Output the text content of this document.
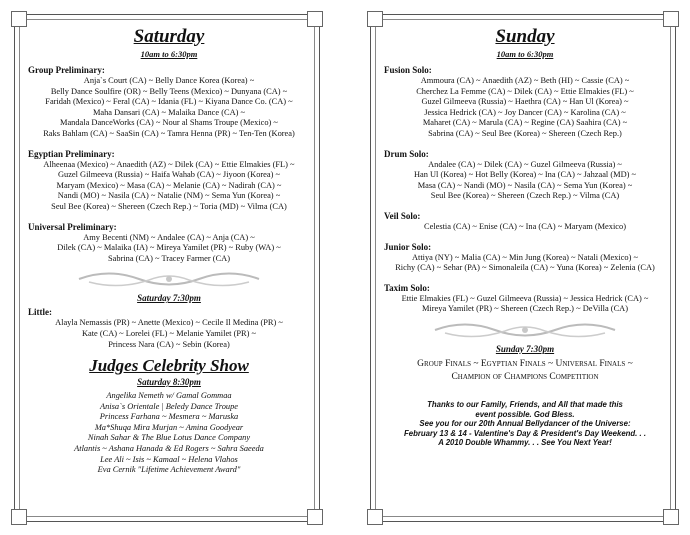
Saturday
10am to 6:30pm
Group Preliminary:
Anja`s Court (CA) ~ Belly Dance Korea (Korea) ~
Belly Dance Soulfire (OR) ~ Belly Teens (Mexico) ~ Dunyana (CA) ~
Faridah (Mexico) ~ Feral (CA) ~ Idania (FL) ~ Kiyana Dance Co. (CA) ~
Maha Dansari (CA) ~ Malaika Dance (CA) ~
Mandala DanceWorks (CA) ~ Nour al Shams Troupe (Mexico) ~
Raks Bahlam (CA) ~ SaaSin (CA) ~ Tamra Henna (PR) ~ Ten-Ten (Korea)
Egyptian Preliminary:
Alheenaa (Mexico) ~ Anaedith (AZ) ~ Dilek (CA) ~ Ettie Elmakies (FL) ~
Guzel Gilmeeva (Russia) ~ Haifa Wahab (CA) ~ Jiyoon (Korea) ~
Maryam (Mexico) ~ Masa (CA) ~ Melanie (CA) ~ Nadirah (CA) ~
Nandi (MO) ~ Nasila (CA) ~ Natalie (NM) ~ Sema Yun (Korea) ~
Seul Bee (Korea) ~ Shereen (Czech Rep.) ~ Toria (MD) ~ Vilma (CA)
Universal Preliminary:
Amy Becenti (NM) ~ Andalee (CA) ~ Anja (CA) ~
Dilek (CA) ~ Malaika (IA) ~ Mireya Yamilet (PR) ~ Ruby (WA) ~
Sabrina (CA) ~ Tracey Farmer (CA)
Saturday 7:30pm
Little:
Alayla Nemassis (PR) ~ Anette (Mexico) ~ Cecile Il Medina (PR) ~
Kate (CA) ~ Lorelei (FL) ~ Melanie Yamilet (PR) ~
Princess Nara (CA) ~ Sebin (Korea)
Judges Celebrity Show
Saturday 8:30pm
Angelika Nemeth w/ Gamal Gommaa
Anisa`s Orientale | Beledy Dance Troupe
Princess Farhana ~ Mesmera ~ Maruska
Ma*Shuqa Mira Murjan ~ Amina Goodyear
Ninah Sahar & The Blue Lotus Dance Company
Atlantis ~ Ashana Hanada & Ed Rogers ~ Sahra Saeeda
Lee Ali ~ Isis ~ Kamaal ~ Helena Vlahos
Eva Cernik "Lifetime Achievement Award"
Sunday
10am to 6:30pm
Fusion Solo:
Ammoura (CA) ~ Anaedith (AZ) ~ Beth (HI) ~ Cassie (CA) ~
Cherchez La Femme (CA) ~ Dilek (CA) ~ Ettie Elmakies (FL) ~
Guzel Gilmeeva (Russia) ~ Haethra (CA) ~ Han Ul (Korea) ~
Jessica Hedrick (CA) ~ Joy Dancer (CA) ~ Karolina (CA) ~
Maharet (CA) ~ Marula (CA) ~ Regine (CA) Saahira (CA) ~
Sabrina (CA) ~ Seul Bee (Korea) ~ Shereen (Czech Rep.)
Drum Solo:
Andalee (CA) ~ Dilek (CA) ~ Guzel Gilmeeva (Russia) ~
Han Ul (Korea) ~ Hot Belly (Korea) ~ Ina (CA) ~ Jahzaal (MD) ~
Masa (CA) ~ Nandi (MO) ~ Nasila (CA) ~ Sema Yun (Korea) ~
Seul Bee (Korea) ~ Shereen (Czech Rep.) ~ Vilma (CA)
Veil Solo:
Celestia (CA) ~ Enise (CA) ~ Ina (CA) ~ Maryam (Mexico)
Junior Solo:
Attiya (NY) ~ Malia (CA) ~ Min Jung (Korea) ~ Natali (Mexico) ~
Richy (CA) ~ Sehar (PA) ~ Simonaleila (CA) ~ Yuna (Korea) ~ Zelenia (CA)
Taxim Solo:
Ettie Elmakies (FL) ~ Guzel Gilmeeva (Russia) ~ Jessica Hedrick (CA) ~
Mireya Yamilet (PR) ~ Shereen (Czech Rep.) ~ DeVilla (CA)
Sunday 7:30pm
Group Finals ~ Egyptian Finals ~ Universal Finals ~
Champion of Champions Competition
Thanks to our Family, Friends, and All that made this
event possible. God Bless.
See you for our 20th Annual Bellydancer of the Universe:
February 13 & 14 - Valentine's Day & President's Day Weekend. . .
A 2010 Double Whammy. . . See You Next Year!
